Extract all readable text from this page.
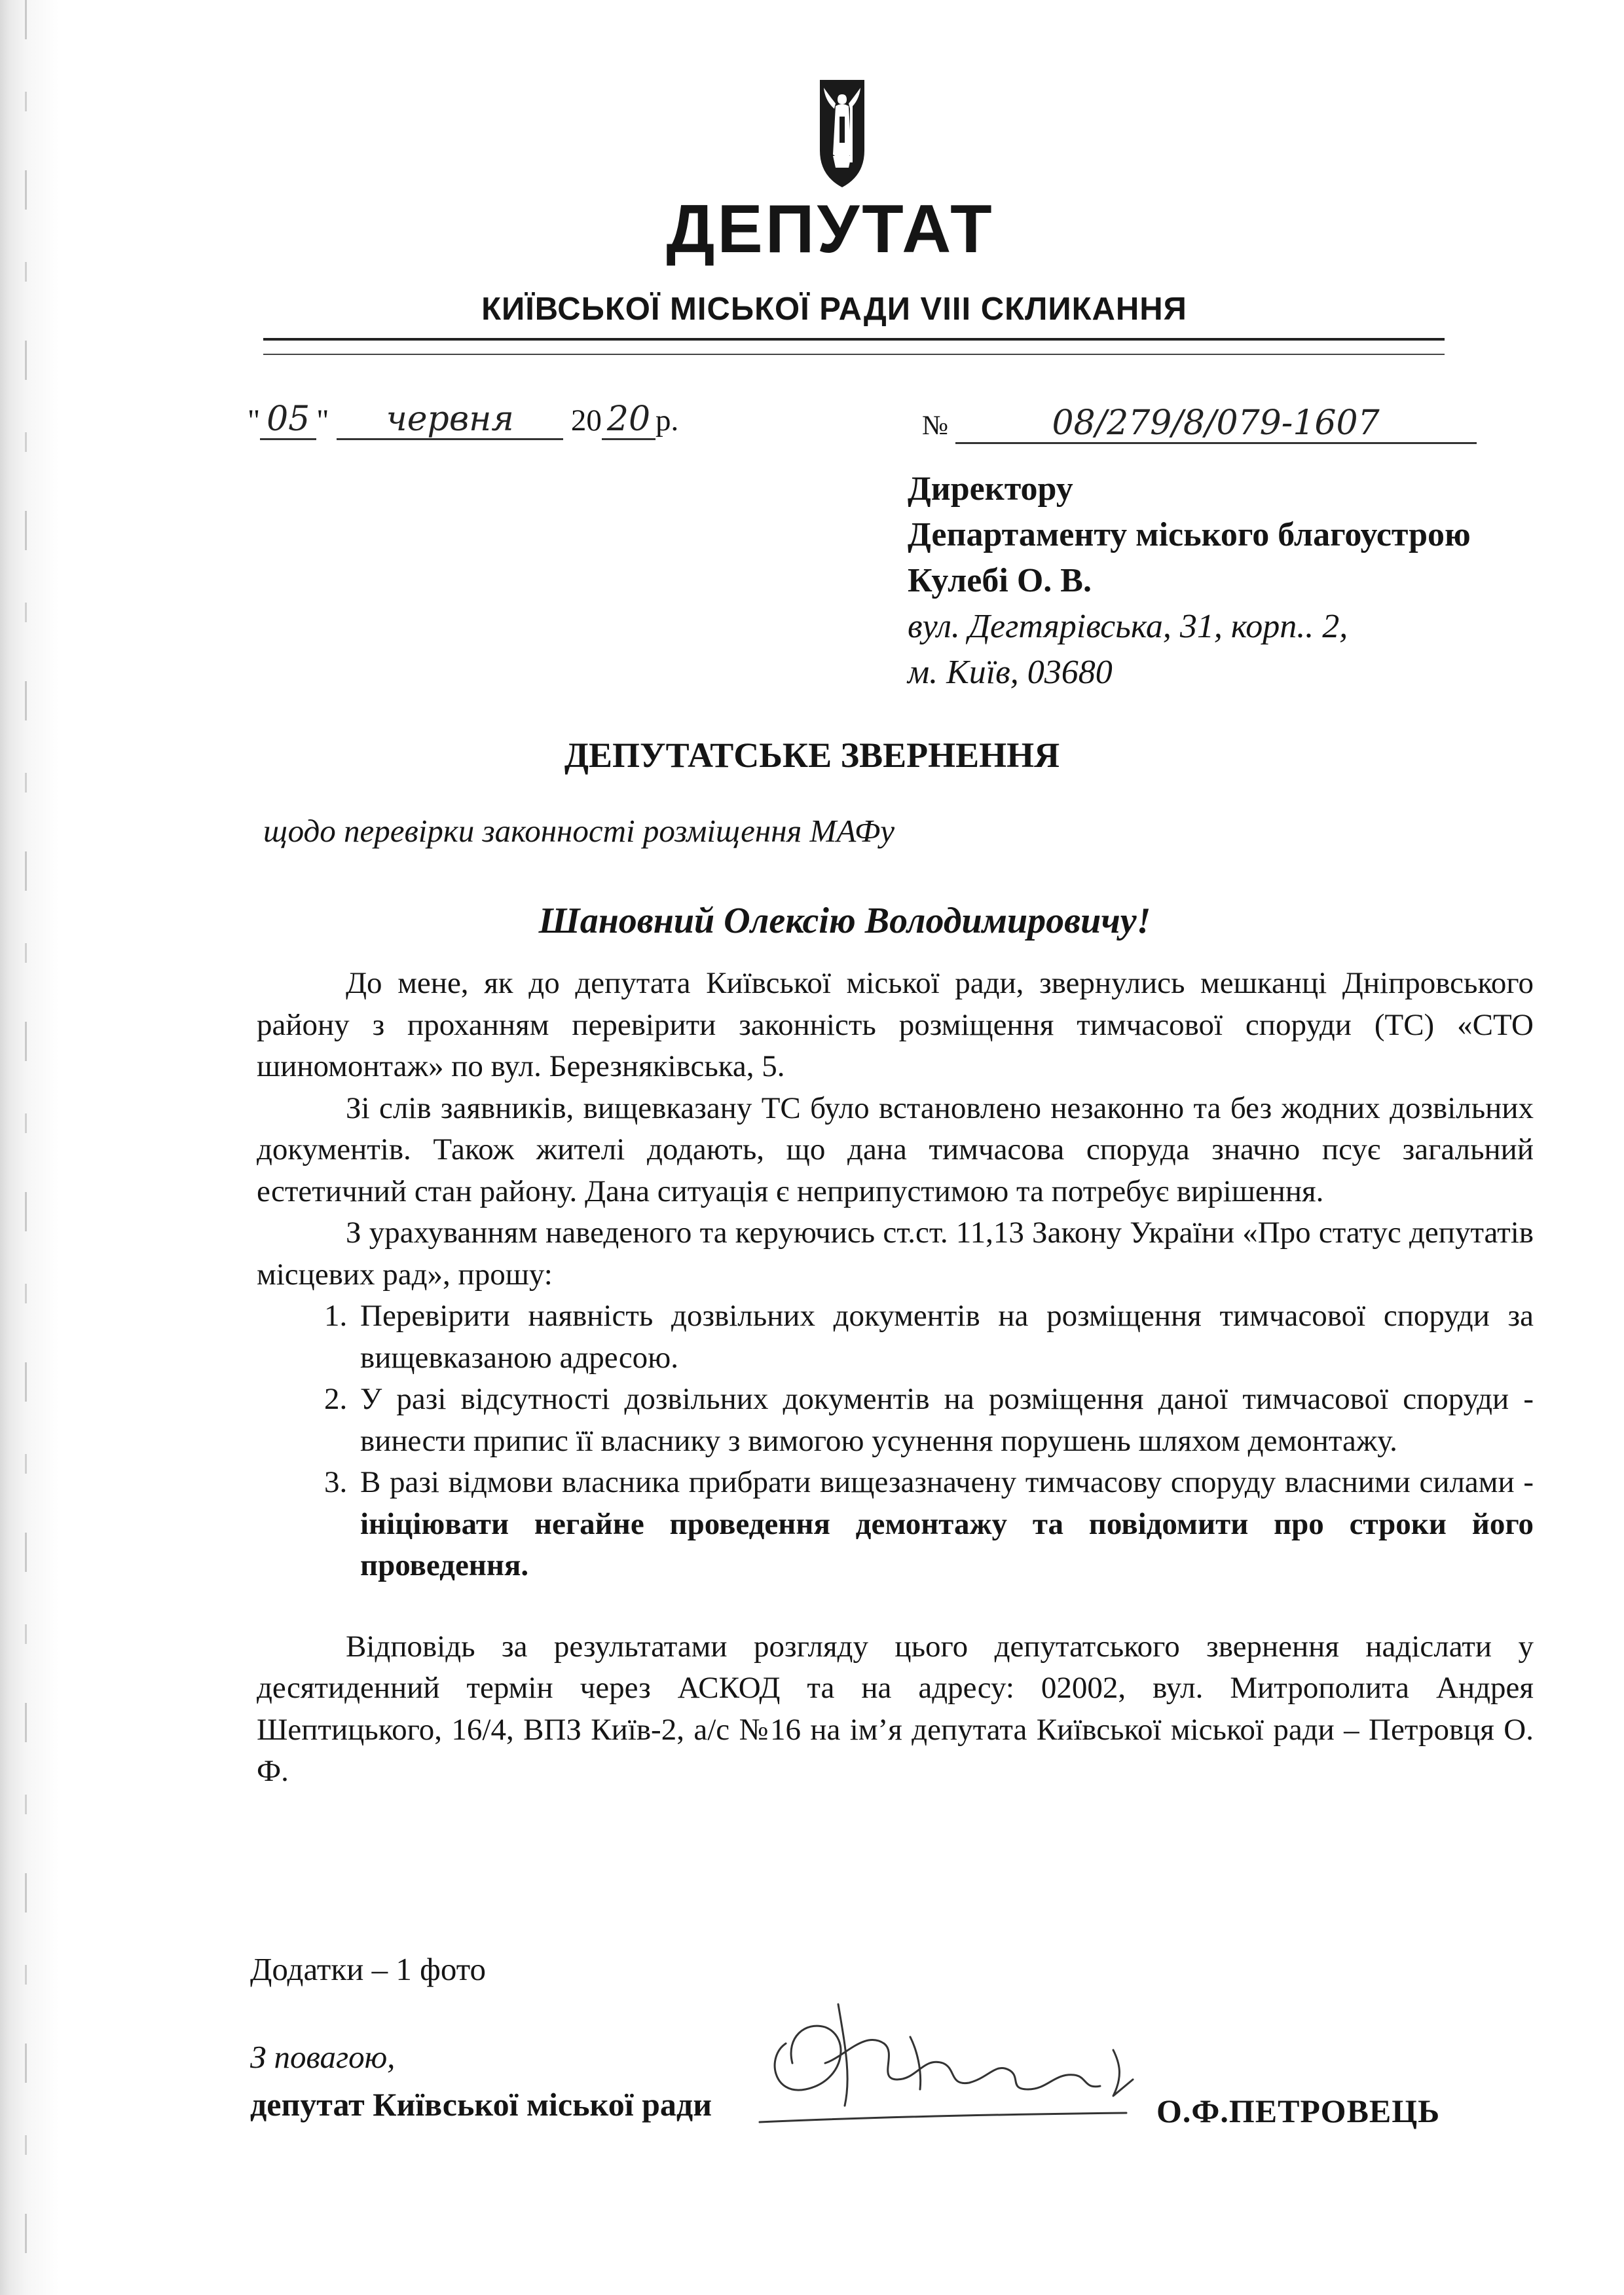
ДЕПУТАТ
КИЇВСЬКОЇ МІСЬКОЇ РАДИ VIII СКЛИКАННЯ
" 05 " червня 20 20 р.	№	08/279/8/079-1607
Директору
Департаменту міського благоустрою
Кулебі О. В.
вул. Дегтярівська, 31, корп.. 2,
м. Київ, 03680
ДЕПУТАТСЬКЕ ЗВЕРНЕННЯ
щодо перевірки законності розміщення МАФу
Шановний Олексію Володимировичу!

До мене, як до депутата Київської міської ради, звернулись мешканці Дніпровського району з проханням перевірити законність розміщення тимчасової споруди (ТС) «СТО шиномонтаж» по вул. Березняківська, 5.

Зі слів заявників, вищевказану ТС було встановлено незаконно та без жодних дозвільних документів. Також жителі додають, що дана тимчасова споруда значно псує загальний естетичний стан району. Дана ситуація є неприпустимою та потребує вирішення.

З урахуванням наведеного та керуючись ст.ст. 11,13 Закону України «Про статус депутатів місцевих рад», прошу:

1. Перевірити наявність дозвільних документів на розміщення тимчасової споруди за вищевказаною адресою.
2. У разі відсутності дозвільних документів на розміщення даної тимчасової споруди - винести припис її власнику з вимогою усунення порушень шляхом демонтажу.
3. В разі відмови власника прибрати вищезазначену тимчасову споруду власними силами - ініціювати негайне проведення демонтажу та повідомити про строки його проведення.

Відповідь за результатами розгляду цього депутатського звернення надіслати у десятиденний термін через АСКОД та на адресу: 02002, вул. Митрополита Андрея Шептицького, 16/4, ВПЗ Київ-2, а/с №16 на ім’я депутата Київської міської ради – Петровця О. Ф.

Додатки – 1 фото
З повагою,
депутат Київської міської ради	О.Ф.ПЕТРОВЕЦЬ
